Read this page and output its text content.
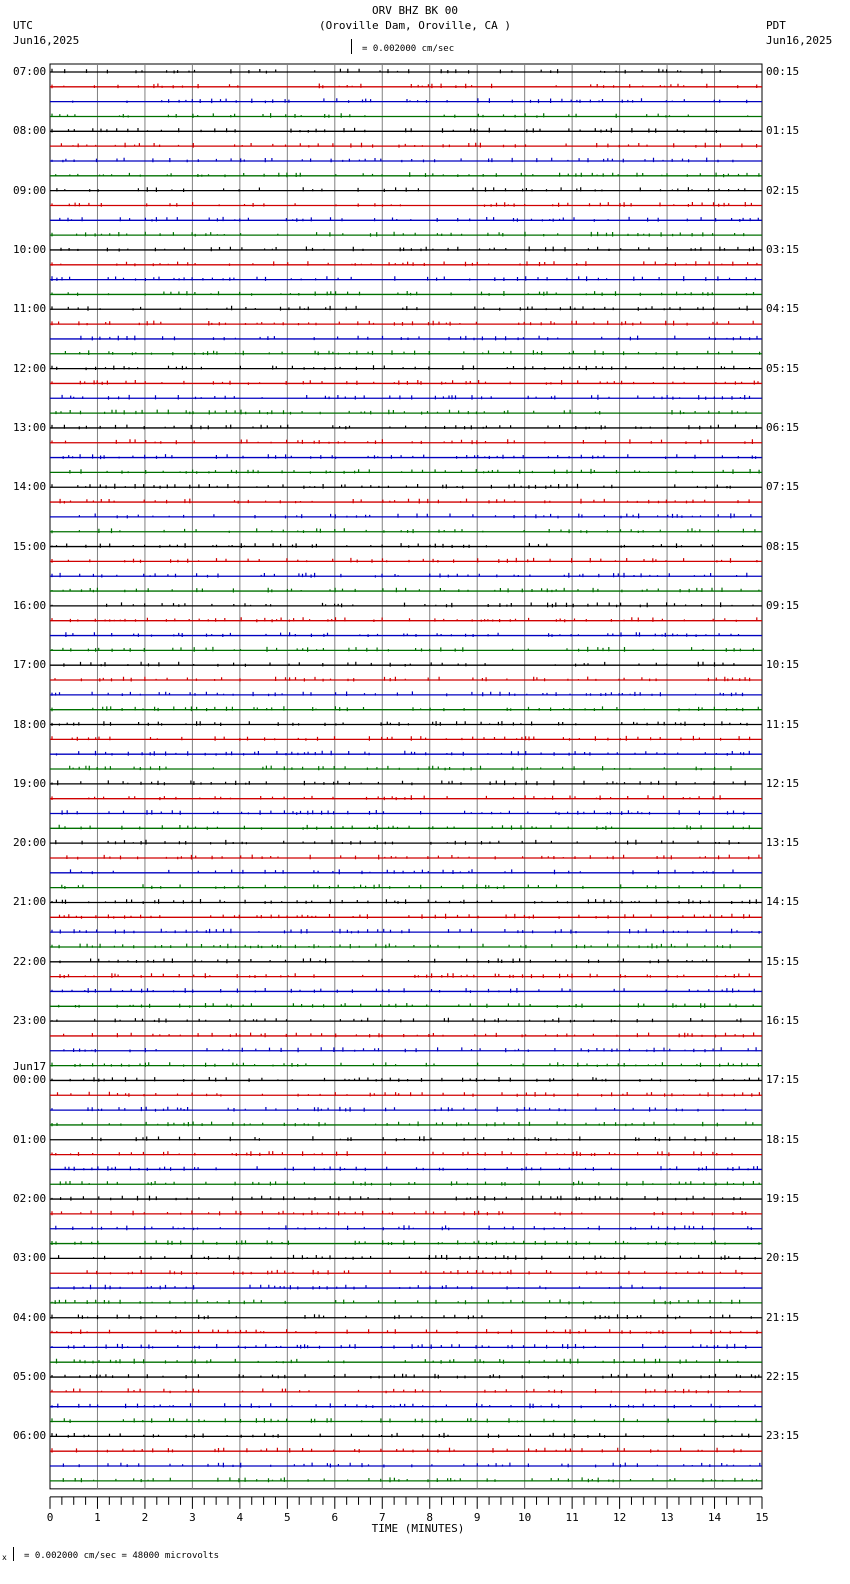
ORV BHZ BK 00
(Oroville Dam, Oroville, CA )
UTC
Jun16,2025
PDT
Jun16,2025
= 0.002000 cm/sec
0	1	2	3	4	5	6	7	8	9	10	11	12	13	14	15
TIME (MINUTES)
07:00
08:00
09:00
10:00
11:00
12:00
13:00
14:00
15:00
16:00
17:00
18:00
19:00
20:00
21:00
22:00
23:00
00:00
01:00
02:00
03:00
04:00
05:00
06:00
00:15
01:15
02:15
03:15
04:15
05:15
06:15
07:15
08:15
09:15
10:15
11:15
12:15
13:15
14:15
15:15
16:15
17:15
18:15
19:15
20:15
21:15
22:15
23:15
Jun17
x = 0.002000 cm/sec = 48000 microvolts
